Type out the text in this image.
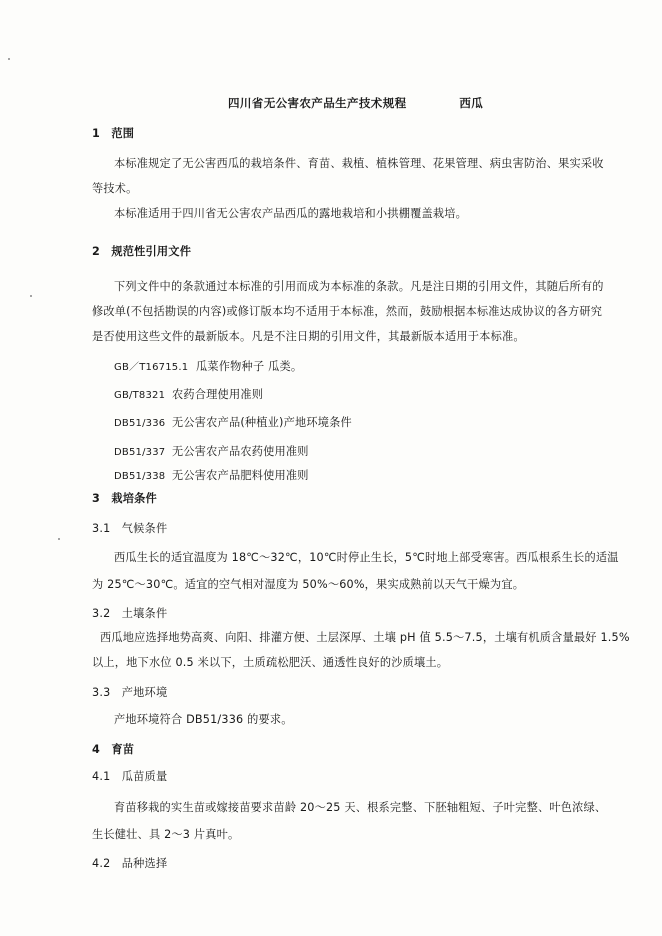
四川省无公害农产品生产技术规程	西瓜
1　范围
本标准规定了无公害西瓜的栽培条件、育苗、栽植、植株管理、花果管理、病虫害防治、果实采收
等技术。
本标准适用于四川省无公害农产品西瓜的露地栽培和小拱棚覆盖栽培。
2　规范性引用文件
下列文件中的条款通过本标准的引用而成为本标准的条款。凡是注日期的引用文件，其随后所有的
修改单(不包括勘误的内容)或修订版本均不适用于本标准，然而，鼓励根据本标准达成协议的各方研究
是否使用这些文件的最新版本。凡是不注日期的引用文件，其最新版本适用于本标准。
GB／T16715.1 瓜菜作物种子 瓜类。
GB/T8321 农药合理使用准则
DB51/336 无公害农产品(种植业)产地环境条件
DB51/337 无公害农产品农药使用准则
DB51/338 无公害农产品肥料使用准则
3　栽培条件
3.1　气候条件
西瓜生长的适宜温度为 18℃～32℃，10℃时停止生长，5℃时地上部受寒害。西瓜根系生长的适温
为 25℃～30℃。适宜的空气相对湿度为 50%～60%，果实成熟前以天气干燥为宜。
3.2　土壤条件
西瓜地应选择地势高爽、向阳、排灌方便、土层深厚、土壤 pH 值 5.5～7.5，土壤有机质含量最好 1.5%
以上，地下水位 0.5 米以下，土质疏松肥沃、通透性良好的沙质壤土。
3.3　产地环境
产地环境符合 DB51/336 的要求。
4　育苗
4.1　瓜苗质量
育苗移栽的实生苗或嫁接苗要求苗龄 20～25 天、根系完整、下胚轴粗短、子叶完整、叶色浓绿、
生长健壮、具 2～3 片真叶。
4.2　品种选择
